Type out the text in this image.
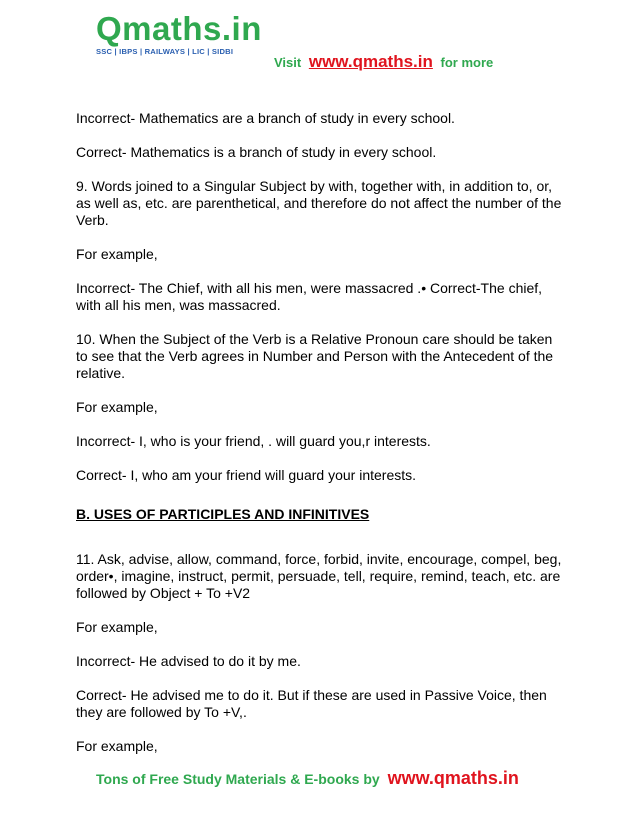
Qmaths.in
SSC | IBPS | RAILWAYS | LIC | SIDBI
Visit www.qmaths.in for more

Incorrect- Mathematics are a branch of study in every school.

Correct- Mathematics is a branch of study in every school.

9. Words joined to a Singular Subject by with, together with, in addition to, or, as well as, etc. are parenthetical, and therefore do not affect the number of the Verb.

For example,

Incorrect- The Chief, with all his men, were massacred .• Correct-The chief, with all his men, was massacred.

10. When the Subject of the Verb is a Relative Pronoun care should be taken to see that the Verb agrees in Number and Person with the Antecedent of the relative.

For example,

Incorrect- I, who is your friend, . will guard you,r interests.

Correct- I, who am your friend will guard your interests.

B. USES OF PARTICIPLES AND INFINITIVES

11. Ask, advise, allow, command, force, forbid, invite, encourage, compel, beg, order•, imagine, instruct, permit, persuade, tell, require, remind, teach, etc. are followed by Object + To +V2

For example,

Incorrect- He advised to do it by me.

Correct- He advised me to do it. But if these are used in Passive Voice, then they are followed by To +V,.

For example,

Tons of Free Study Materials & E-books by www.qmaths.in
